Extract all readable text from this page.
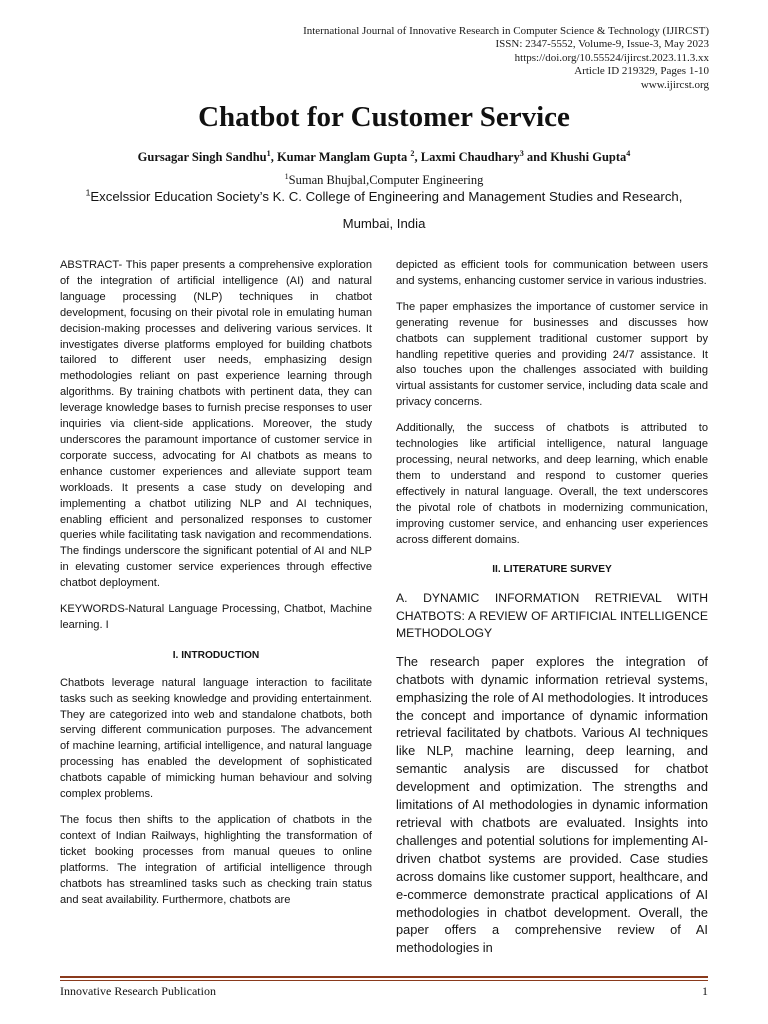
International Journal of Innovative Research in Computer Science & Technology (IJIRCST)
ISSN: 2347-5552, Volume-9, Issue-3, May 2023
https://doi.org/10.55524/ijircst.2023.11.3.xx
Article ID 219329, Pages 1-10
www.ijircst.org
Chatbot for Customer Service
Gursagar Singh Sandhu$^1$, Kumar Manglam Gupta $^2$, Laxmi Chaudhary$^3$ and Khushi Gupta$^4$
$^1$Suman Bhujbal,Computer Engineering
$^1$Excelssior Education Society’s K. C. College of Engineering and Management Studies and Research,
Mumbai, India

ABSTRACT- This paper presents a comprehensive exploration of the integration of artificial intelligence (AI) and natural language processing (NLP) techniques in chatbot development, focusing on their pivotal role in emulating human decision-making processes and delivering various services. It investigates diverse platforms employed for building chatbots tailored to different user needs, emphasizing design methodologies reliant on past experience learning through algorithms. By training chatbots with pertinent data, they can leverage knowledge bases to furnish precise responses to user inquiries via client-side applications. Moreover, the study underscores the paramount importance of customer service in corporate success, advocating for AI chatbots as means to enhance customer experiences and alleviate support team workloads. It presents a case study on developing and implementing a chatbot utilizing NLP and AI techniques, enabling efficient and personalized responses to customer queries while facilitating task navigation and recommendations. The findings underscore the significant potential of AI and NLP in elevating customer service experiences through effective chatbot deployment.

KEYWORDS-Natural Language Processing, Chatbot, Machine learning. I

I. INTRODUCTION

Chatbots leverage natural language interaction to facilitate tasks such as seeking knowledge and providing entertainment. They are categorized into web and standalone chatbots, both serving different communication purposes. The advancement of machine learning, artificial intelligence, and natural language processing has enabled the development of sophisticated chatbots capable of mimicking human behaviour and solving complex problems.

The focus then shifts to the application of chatbots in the context of Indian Railways, highlighting the transformation of ticket booking processes from manual queues to online platforms. The integration of artificial intelligence through chatbots has streamlined tasks such as checking train status and seat availability. Furthermore, chatbots are

depicted as efficient tools for communication between users and systems, enhancing customer service in various industries.

The paper emphasizes the importance of customer service in generating revenue for businesses and discusses how chatbots can supplement traditional customer support by handling repetitive queries and providing 24/7 assistance. It also touches upon the challenges associated with building virtual assistants for customer service, including data scale and privacy concerns.

Additionally, the success of chatbots is attributed to technologies like artificial intelligence, natural language processing, neural networks, and deep learning, which enable them to understand and respond to customer queries effectively in natural language. Overall, the text underscores the pivotal role of chatbots in modernizing communication, improving customer service, and enhancing user experiences across different domains.

II. LITERATURE SURVEY
A. DYNAMIC INFORMATION RETRIEVAL WITH CHATBOTS: A REVIEW OF ARTIFICIAL INTELLIGENCE METHODOLOGY

The research paper explores the integration of chatbots with dynamic information retrieval systems, emphasizing the role of AI methodologies. It introduces the concept and importance of dynamic information retrieval facilitated by chatbots. Various AI techniques like NLP, machine learning, deep learning, and semantic analysis are discussed for chatbot development and optimization. The strengths and limitations of AI methodologies in dynamic information retrieval with chatbots are evaluated. Insights into challenges and potential solutions for implementing AI-driven chatbot systems are provided. Case studies across domains like customer support, healthcare, and e-commerce demonstrate practical applications of AI methodologies in chatbot development. Overall, the paper offers a comprehensive review of AI methodologies in

Innovative Research Publication	1
